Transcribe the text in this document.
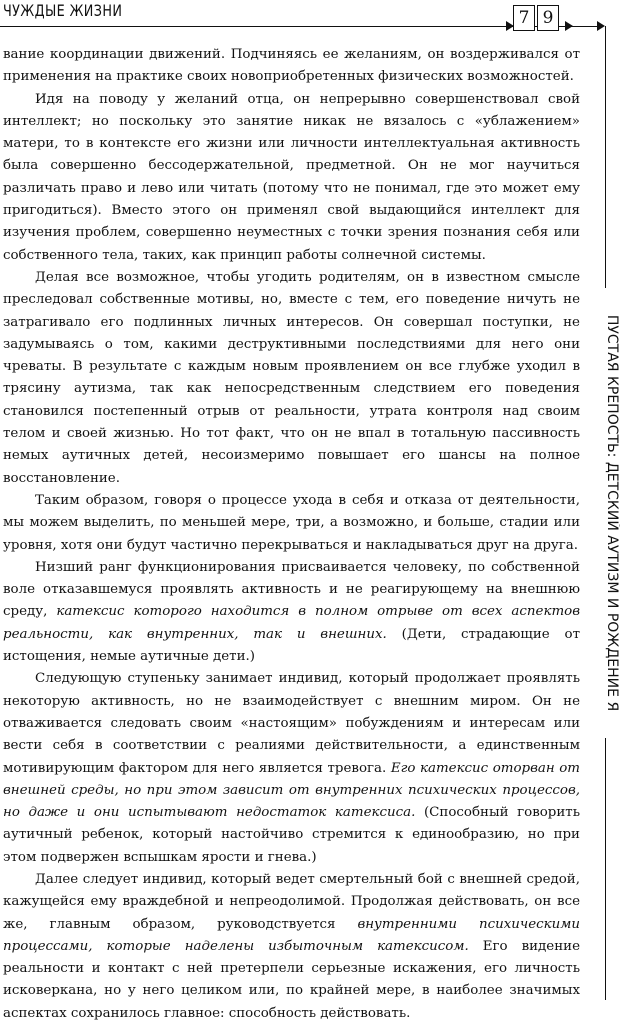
ЧУЖДЫЕ ЖИЗНИ	7 9
ПУСТАЯ КРЕПОСТЬ: ДЕТСКИЙ АУТИЗМ И РОЖДЕНИЕ Я

вание координации движений. Подчиняясь ее желаниям, он воздерживался от применения на практике своих новоприобретенных физических возможностей.

Идя на поводу у желаний отца, он непрерывно совершенствовал свой интеллект; но поскольку это занятие никак не вязалось с «ублажением» матери, то в контексте его жизни или личности интеллектуальная активность была совершенно бессодержательной, предметной. Он не мог научиться различать право и лево или читать (потому что не понимал, где это может ему пригодиться). Вместо этого он применял свой выдающийся интеллект для изучения проблем, совершенно неуместных с точки зрения познания себя или собственного тела, таких, как принцип работы солнечной системы.

Делая все возможное, чтобы угодить родителям, он в известном смысле преследовал собственные мотивы, но, вместе с тем, его поведение ничуть не затрагивало его подлинных личных интересов. Он совершал поступки, не задумываясь о том, какими деструктивными последствиями для него они чреваты. В результате с каждым новым проявлением он все глубже уходил в трясину аутизма, так как непосредственным следствием его поведения становился постепенный отрыв от реальности, утрата контроля над своим телом и своей жизнью. Но тот факт, что он не впал в тотальную пассивность немых аутичных детей, несоизмеримо повышает его шансы на полное восстановление.

Таким образом, говоря о процессе ухода в себя и отказа от деятельности, мы можем выделить, по меньшей мере, три, а возможно, и больше, стадии или уровня, хотя они будут частично перекрываться и накладываться друг на друга.

Низший ранг функционирования присваивается человеку, по собственной воле отказавшемуся проявлять активность и не реагирующему на внешнюю среду, катексис которого находится в полном отрыве от всех аспектов реальности, как внутренних, так и внешних. (Дети, страдающие от истощения, немые аутичные дети.)

Следующую ступеньку занимает индивид, который продолжает проявлять некоторую активность, но не взаимодействует с внешним миром. Он не отваживается следовать своим «настоящим» побуждениям и интересам или вести себя в соответствии с реалиями действительности, а единственным мотивирующим фактором для него является тревога. Его катексис оторван от внешней среды, но при этом зависит от внутренних психических процессов, но даже и они испытывают недостаток катексиса. (Способный говорить аутичный ребенок, который настойчиво стремится к единообразию, но при этом подвержен вспышкам ярости и гнева.)

Далее следует индивид, который ведет смертельный бой с внешней средой, кажущейся ему враждебной и непреодолимой. Продолжая действовать, он все же, главным образом, руководствуется внутренними психическими процессами, которые наделены избыточным катексисом. Его видение реальности и контакт с ней претерпели серьезные искажения, его личность исковеркана, но у него целиком или, по крайней мере, в наиболее значимых аспектах сохранилось главное: способность действовать.
